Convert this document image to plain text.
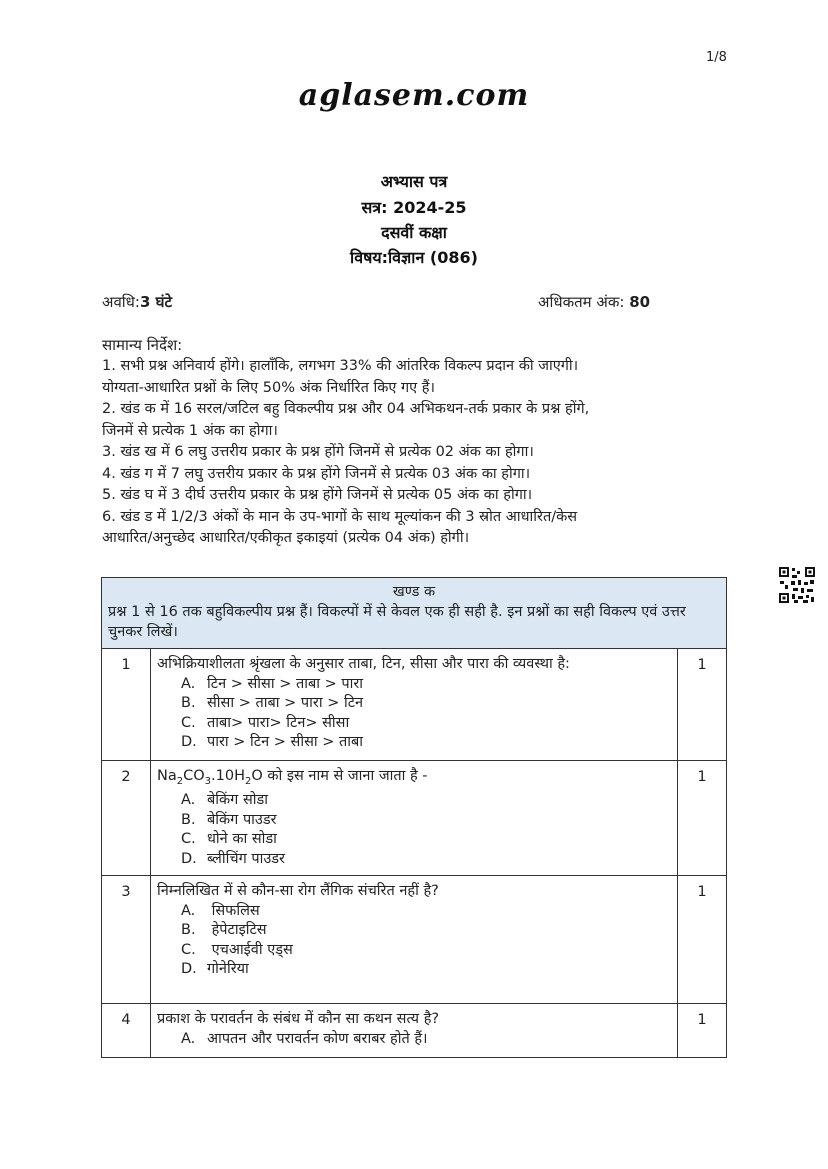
1/8
aglasem.com
अभ्यास पत्र
सत्र: 2024-25
दसवीं कक्षा
विषय:विज्ञान (086)
अवधि:3 घंटे	अधिकतम अंक: 80
सामान्य निर्देश:
1. सभी प्रश्न अनिवार्य होंगे। हालाँकि, लगभग 33% की आंतरिक विकल्प प्रदान की जाएगी।
योग्यता-आधारित प्रश्नों के लिए 50% अंक निर्धारित किए गए हैं।
2. खंड क में 16 सरल/जटिल बहु विकल्पीय प्रश्न और 04 अभिकथन-तर्क प्रकार के प्रश्न होंगे,
जिनमें से प्रत्येक 1 अंक का होगा।
3. खंड ख में 6 लघु उत्तरीय प्रकार के प्रश्न होंगे जिनमें से प्रत्येक 02 अंक का होगा।
4. खंड ग में 7 लघु उत्तरीय प्रकार के प्रश्न होंगे जिनमें से प्रत्येक 03 अंक का होगा।
5. खंड घ में 3 दीर्घ उत्तरीय प्रकार के प्रश्न होंगे जिनमें से प्रत्येक 05 अंक का होगा।
6. खंड ड में 1/2/3 अंकों के मान के उप-भागों के साथ मूल्यांकन की 3 स्रोत आधारित/केस
आधारित/अनुच्छेद आधारित/एकीकृत इकाइयां (प्रत्येक 04 अंक) होगी।
खण्ड क
प्रश्न 1 से 16 तक बहुविकल्पीय प्रश्न हैं। विकल्पों में से केवल एक ही सही है. इन प्रश्नों का सही विकल्प एवं उत्तर चुनकर लिखें।		

1	अभिक्रियाशीलता श्रृंखला के अनुसार ताबा, टिन, सीसा और पारा की व्यवस्था है:
A. टिन > सीसा > ताबा > पारा
B. सीसा > ताबा > पारा > टिन
C. ताबा> पारा> टिन> सीसा
D. पारा > टिन > सीसा > ताबा	1
2	$Na_2CO_3.10H_2O$ को इस नाम से जाना जाता है -
A. बेकिंग सोडा
B. बेकिंग पाउडर
C. धोने का सोडा
D. ब्लीचिंग पाउडर	1
3	निम्नलिखित में से कौन-सा रोग लैंगिक संचरित नहीं है?
A. सिफलिस
B. हेपेटाइटिस
C. एचआईवी एड्स
D. गोनेरिया	1
4	प्रकाश के परावर्तन के संबंध में कौन सा कथन सत्य है?
A. आपतन और परावर्तन कोण बराबर होते हैं।	1
